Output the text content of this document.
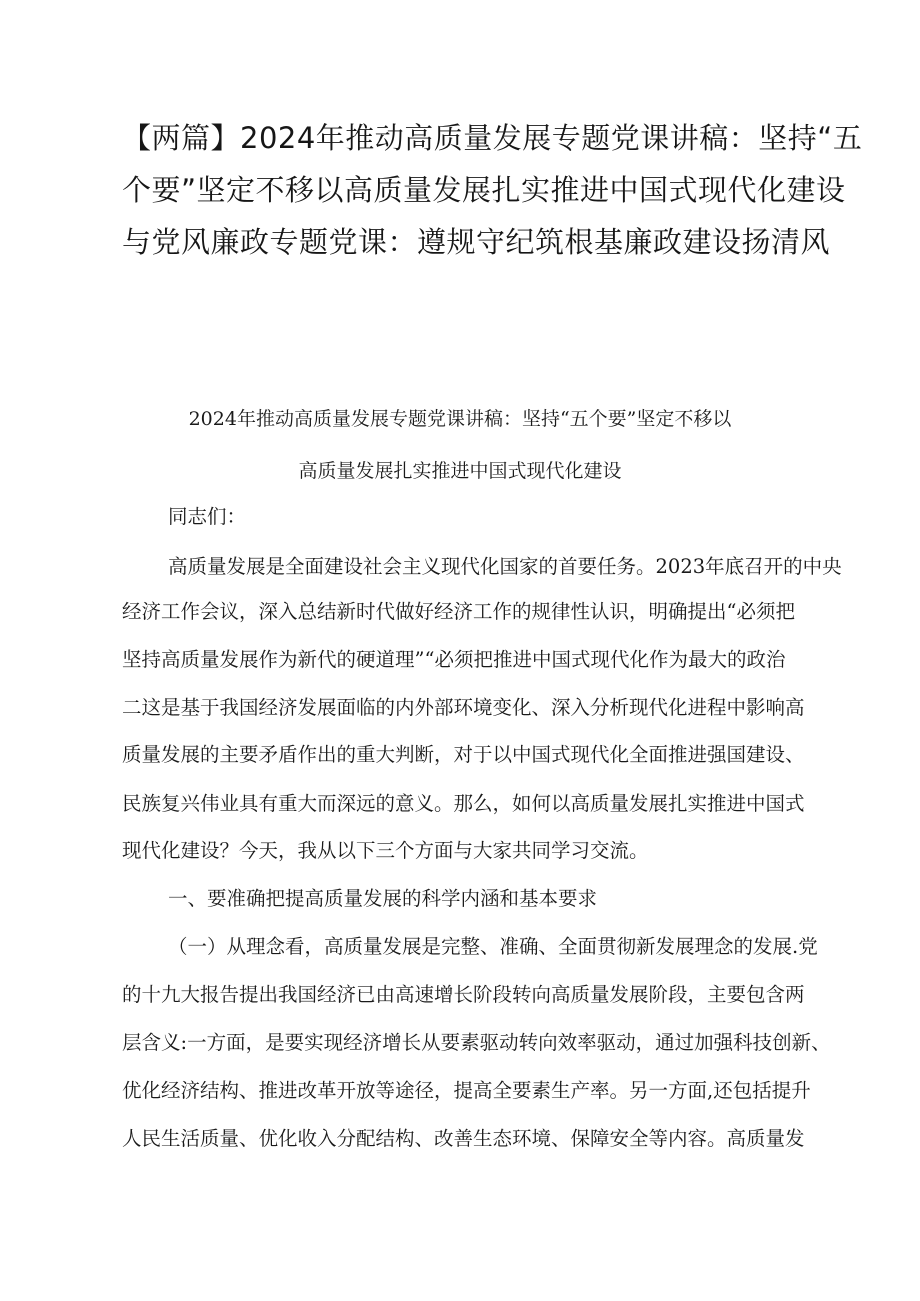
【两篇】2024年推动高质量发展专题党课讲稿：坚持“五
个要”坚定不移以高质量发展扎实推进中国式现代化建设
与党风廉政专题党课：遵规守纪筑根基廉政建设扬清风
2024年推动高质量发展专题党课讲稿：坚持“五个要”坚定不移以
高质量发展扎实推进中国式现代化建设
同志们：
高质量发展是全面建设社会主义现代化国家的首要任务。2023年底召开的中央
经济工作会议，深入总结新时代做好经济工作的规律性认识，明确提出“必须把
坚持高质量发展作为新代的硬道理”“必须把推进中国式现代化作为最大的政治
二这是基于我国经济发展面临的内外部环境变化、深入分析现代化进程中影响高
质量发展的主要矛盾作出的重大判断，对于以中国式现代化全面推进强国建设、
民族复兴伟业具有重大而深远的意义。那么，如何以高质量发展扎实推进中国式
现代化建设？今天，我从以下三个方面与大家共同学习交流。
一、要准确把提高质量发展的科学内涵和基本要求
（一）从理念看，高质量发展是完整、准确、全面贯彻新发展理念的发展.党
的十九大报告提出我国经济已由高速增长阶段转向高质量发展阶段，主要包含两
层含义:一方面，是要实现经济增长从要素驱动转向效率驱动，通过加强科技创新、
优化经济结构、推进改革开放等途径，提高全要素生产率。另一方面,还包括提升
人民生活质量、优化收入分配结构、改善生态环境、保障安全等内容。高质量发
